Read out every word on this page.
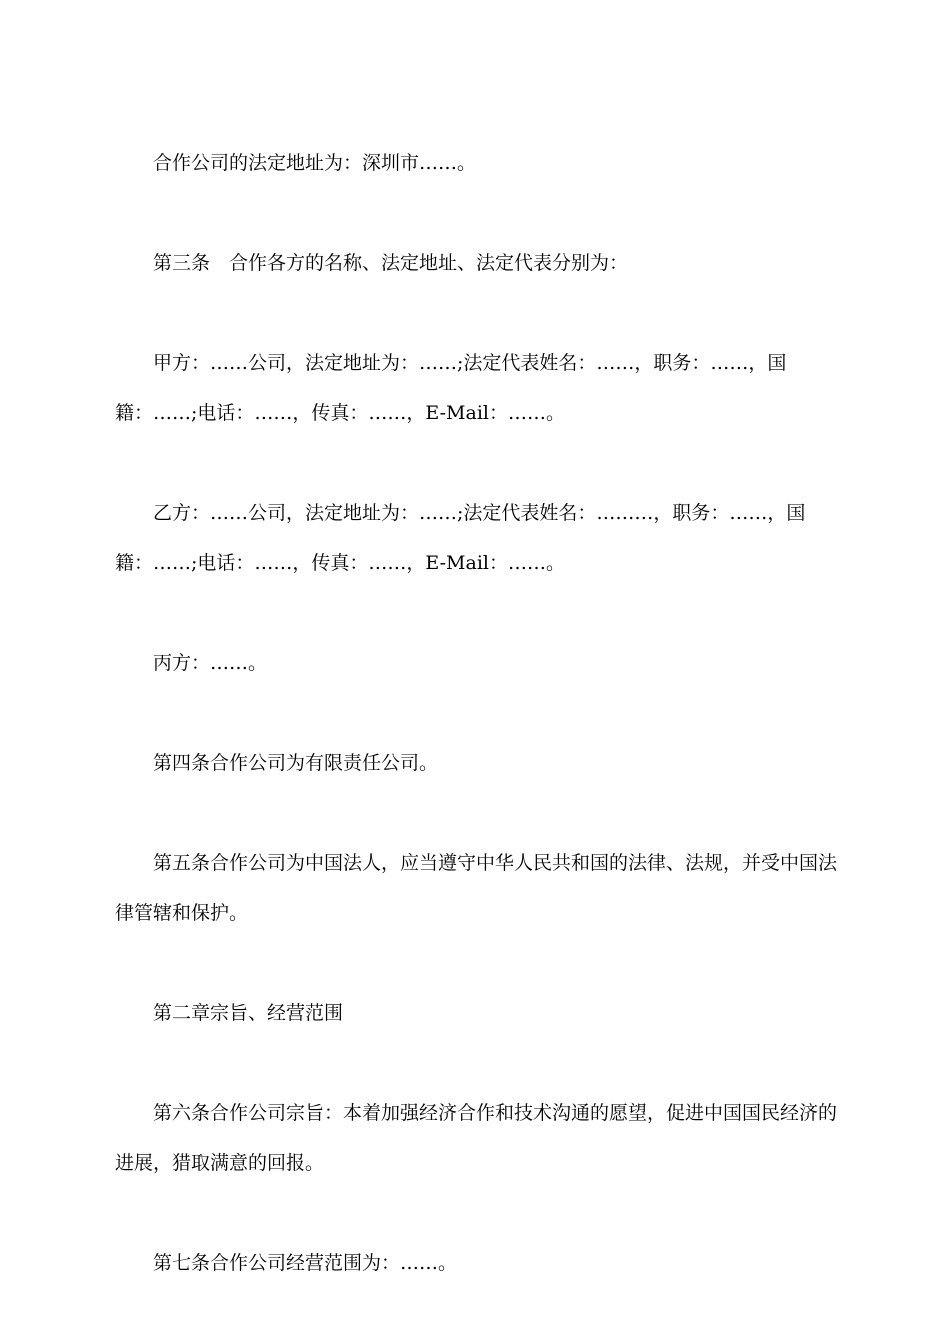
合作公司的法定地址为：深圳市……。

第三条　合作各方的名称、法定地址、法定代表分别为：

甲方：……公司，法定地址为：……;法定代表姓名：……，职务：……，国籍：……;电话：……，传真：……，E-Mail：……。

乙方：……公司，法定地址为：……;法定代表姓名：………，职务：……，国籍：……;电话：……，传真：……，E-Mail：……。

丙方：……。

第四条合作公司为有限责任公司。

第五条合作公司为中国法人，应当遵守中华人民共和国的法律、法规，并受中国法律管辖和保护。

第二章宗旨、经营范围

第六条合作公司宗旨：本着加强经济合作和技术沟通的愿望，促进中国国民经济的进展，猎取满意的回报。

第七条合作公司经营范围为：……。
